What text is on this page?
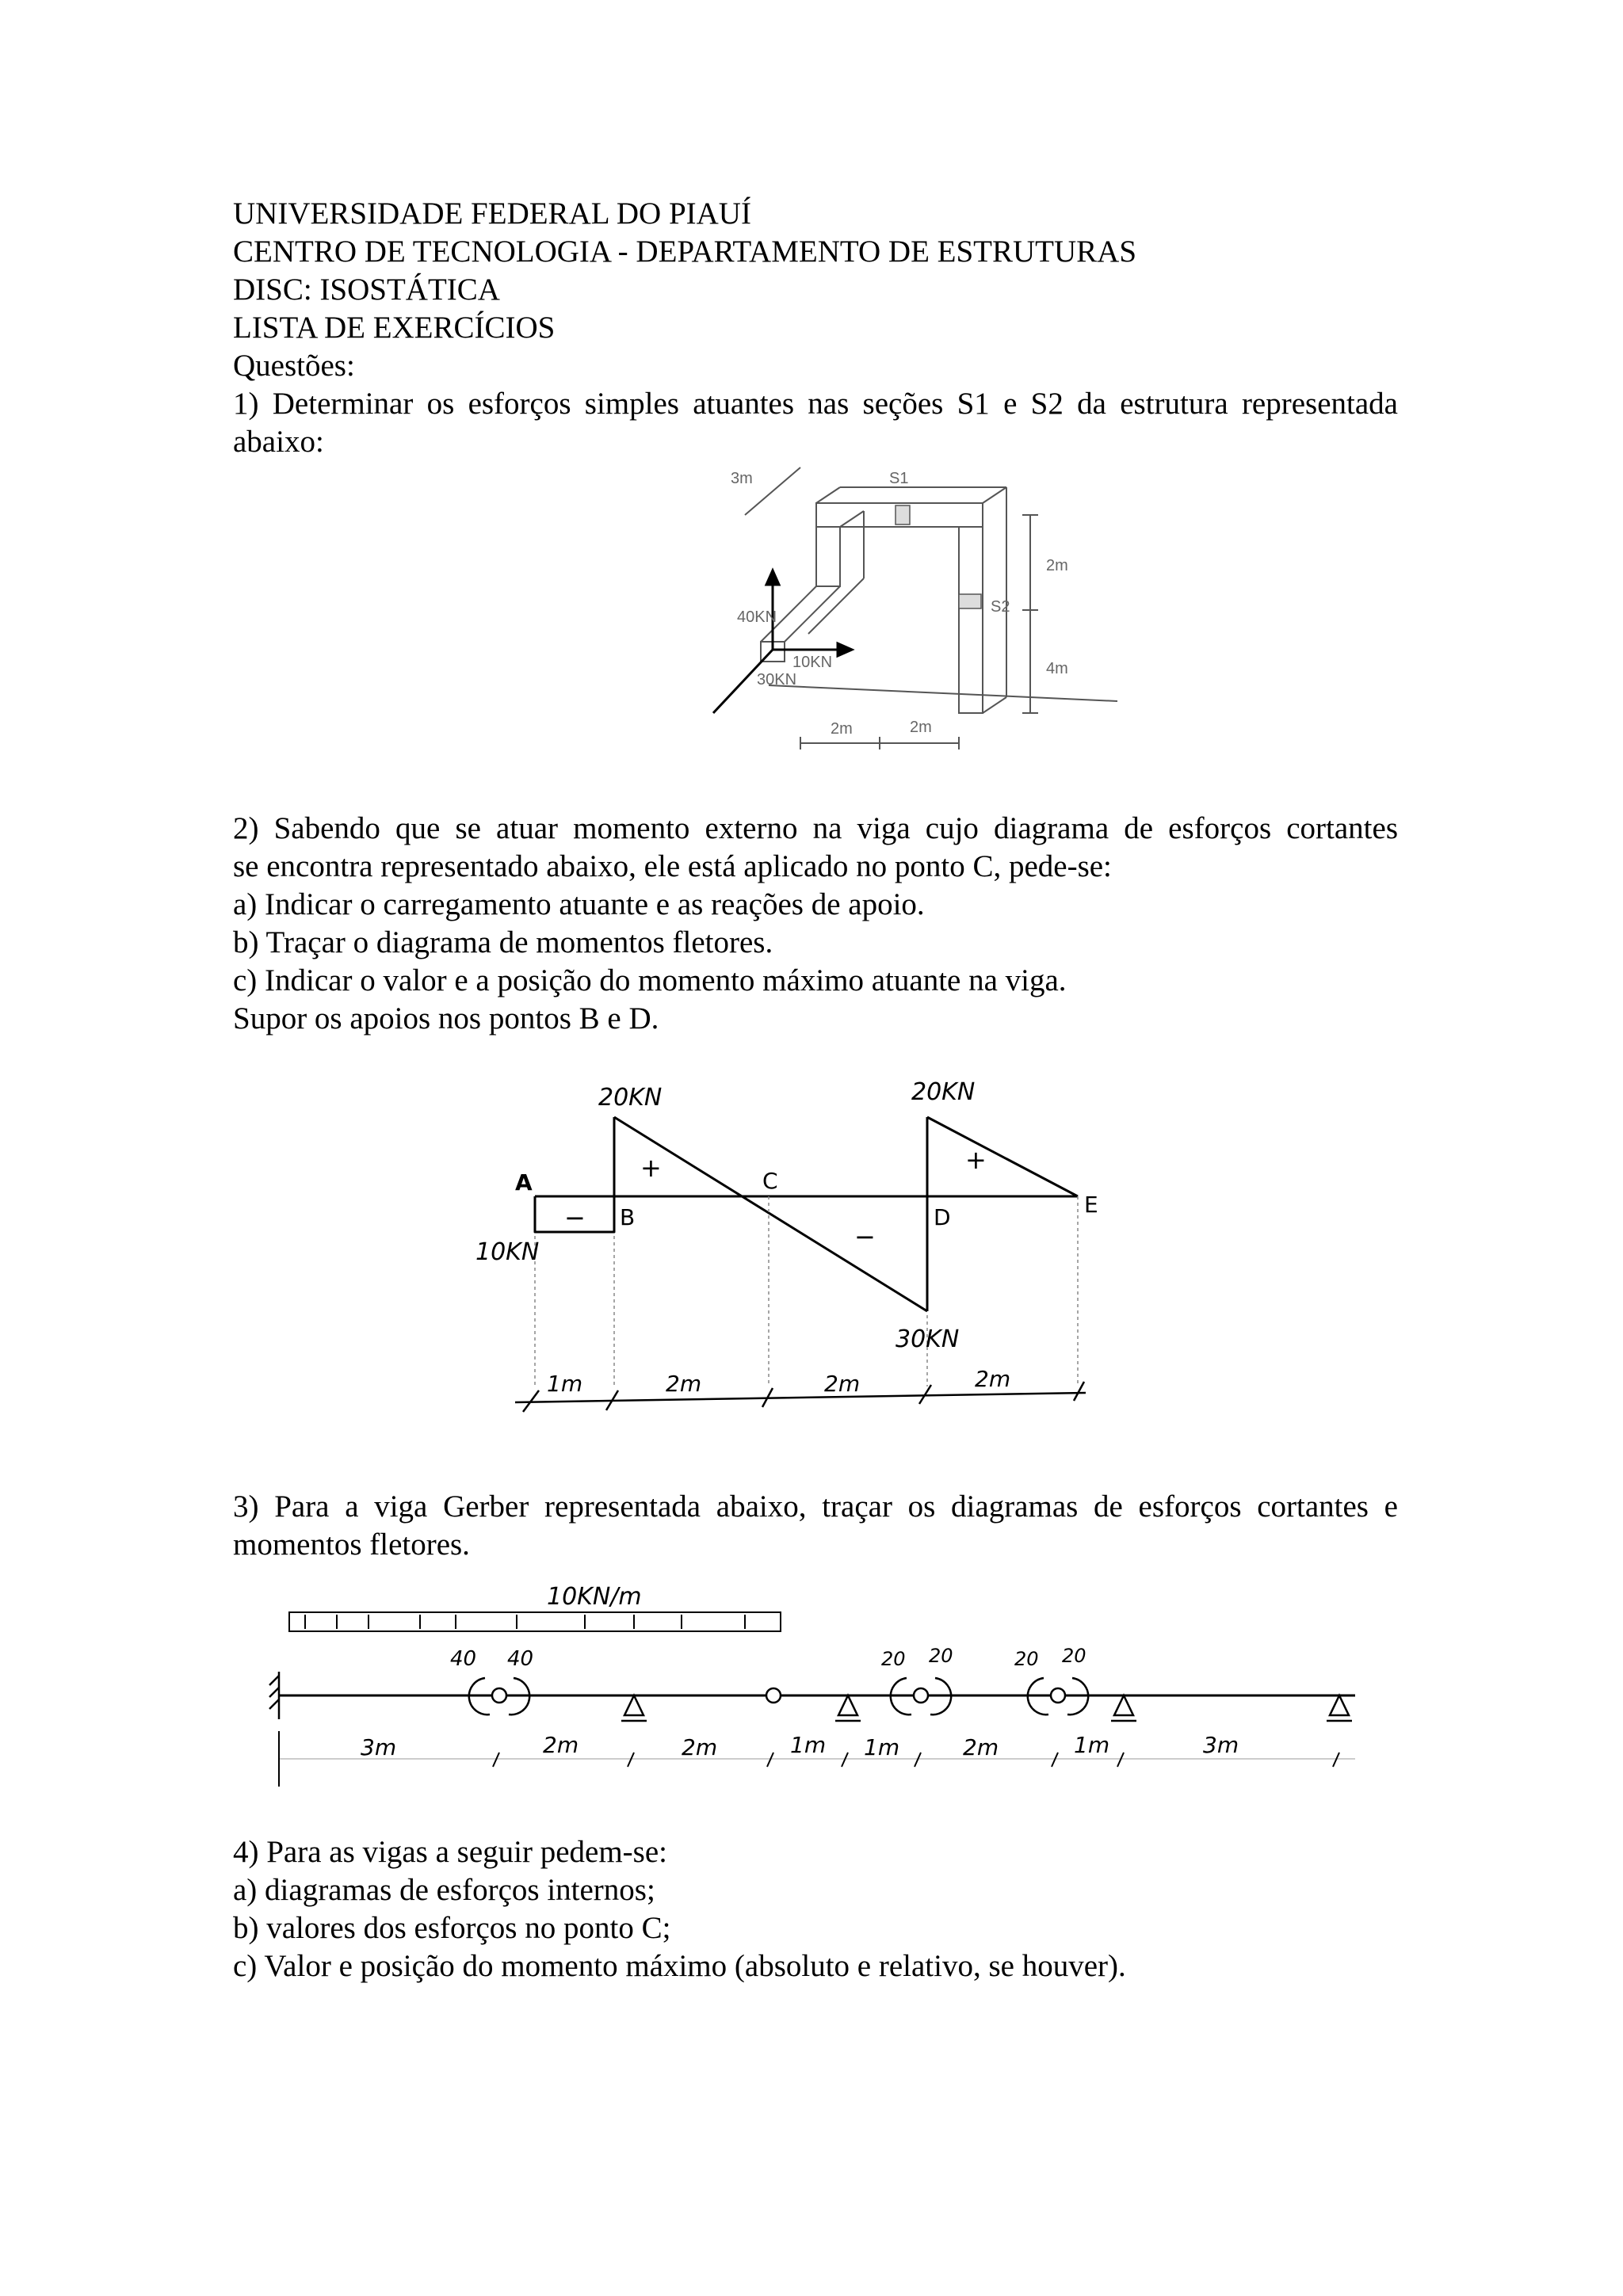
UNIVERSIDADE FEDERAL DO PIAUÍ
CENTRO DE TECNOLOGIA - DEPARTAMENTO DE ESTRUTURAS
DISC: ISOSTÁTICA
LISTA DE EXERCÍCIOS
Questões:
1) Determinar os esforços simples atuantes nas seções S1 e S2 da estrutura representada
abaixo:
3m	S1
S2
2m
4m
40KN
10KN
30KN
2m	2m
2) Sabendo que se atuar momento externo na viga cujo diagrama de esforços cortantes
se encontra representado abaixo, ele está aplicado no ponto C, pede-se:
a) Indicar o carregamento atuante e as reações de apoio.
b) Traçar o diagrama de momentos fletores.
c) Indicar o valor e a posição do momento máximo atuante na viga.
Supor os apoios nos pontos B e D.
20KN	20KN
10KN
30KN
A
B
C
D	E
+	+
−
−
1m	2m	2m	2m
3) Para a viga Gerber representada abaixo, traçar os diagramas de esforços cortantes e
momentos fletores.
10KN/m
40 40	20 20	20 20
3m	2m	2m	1m 1m	2m	1m	3m
4) Para as vigas a seguir pedem-se:
a) diagramas de esforços internos;
b) valores dos esforços no ponto C;
c) Valor e posição do momento máximo (absoluto e relativo, se houver).
